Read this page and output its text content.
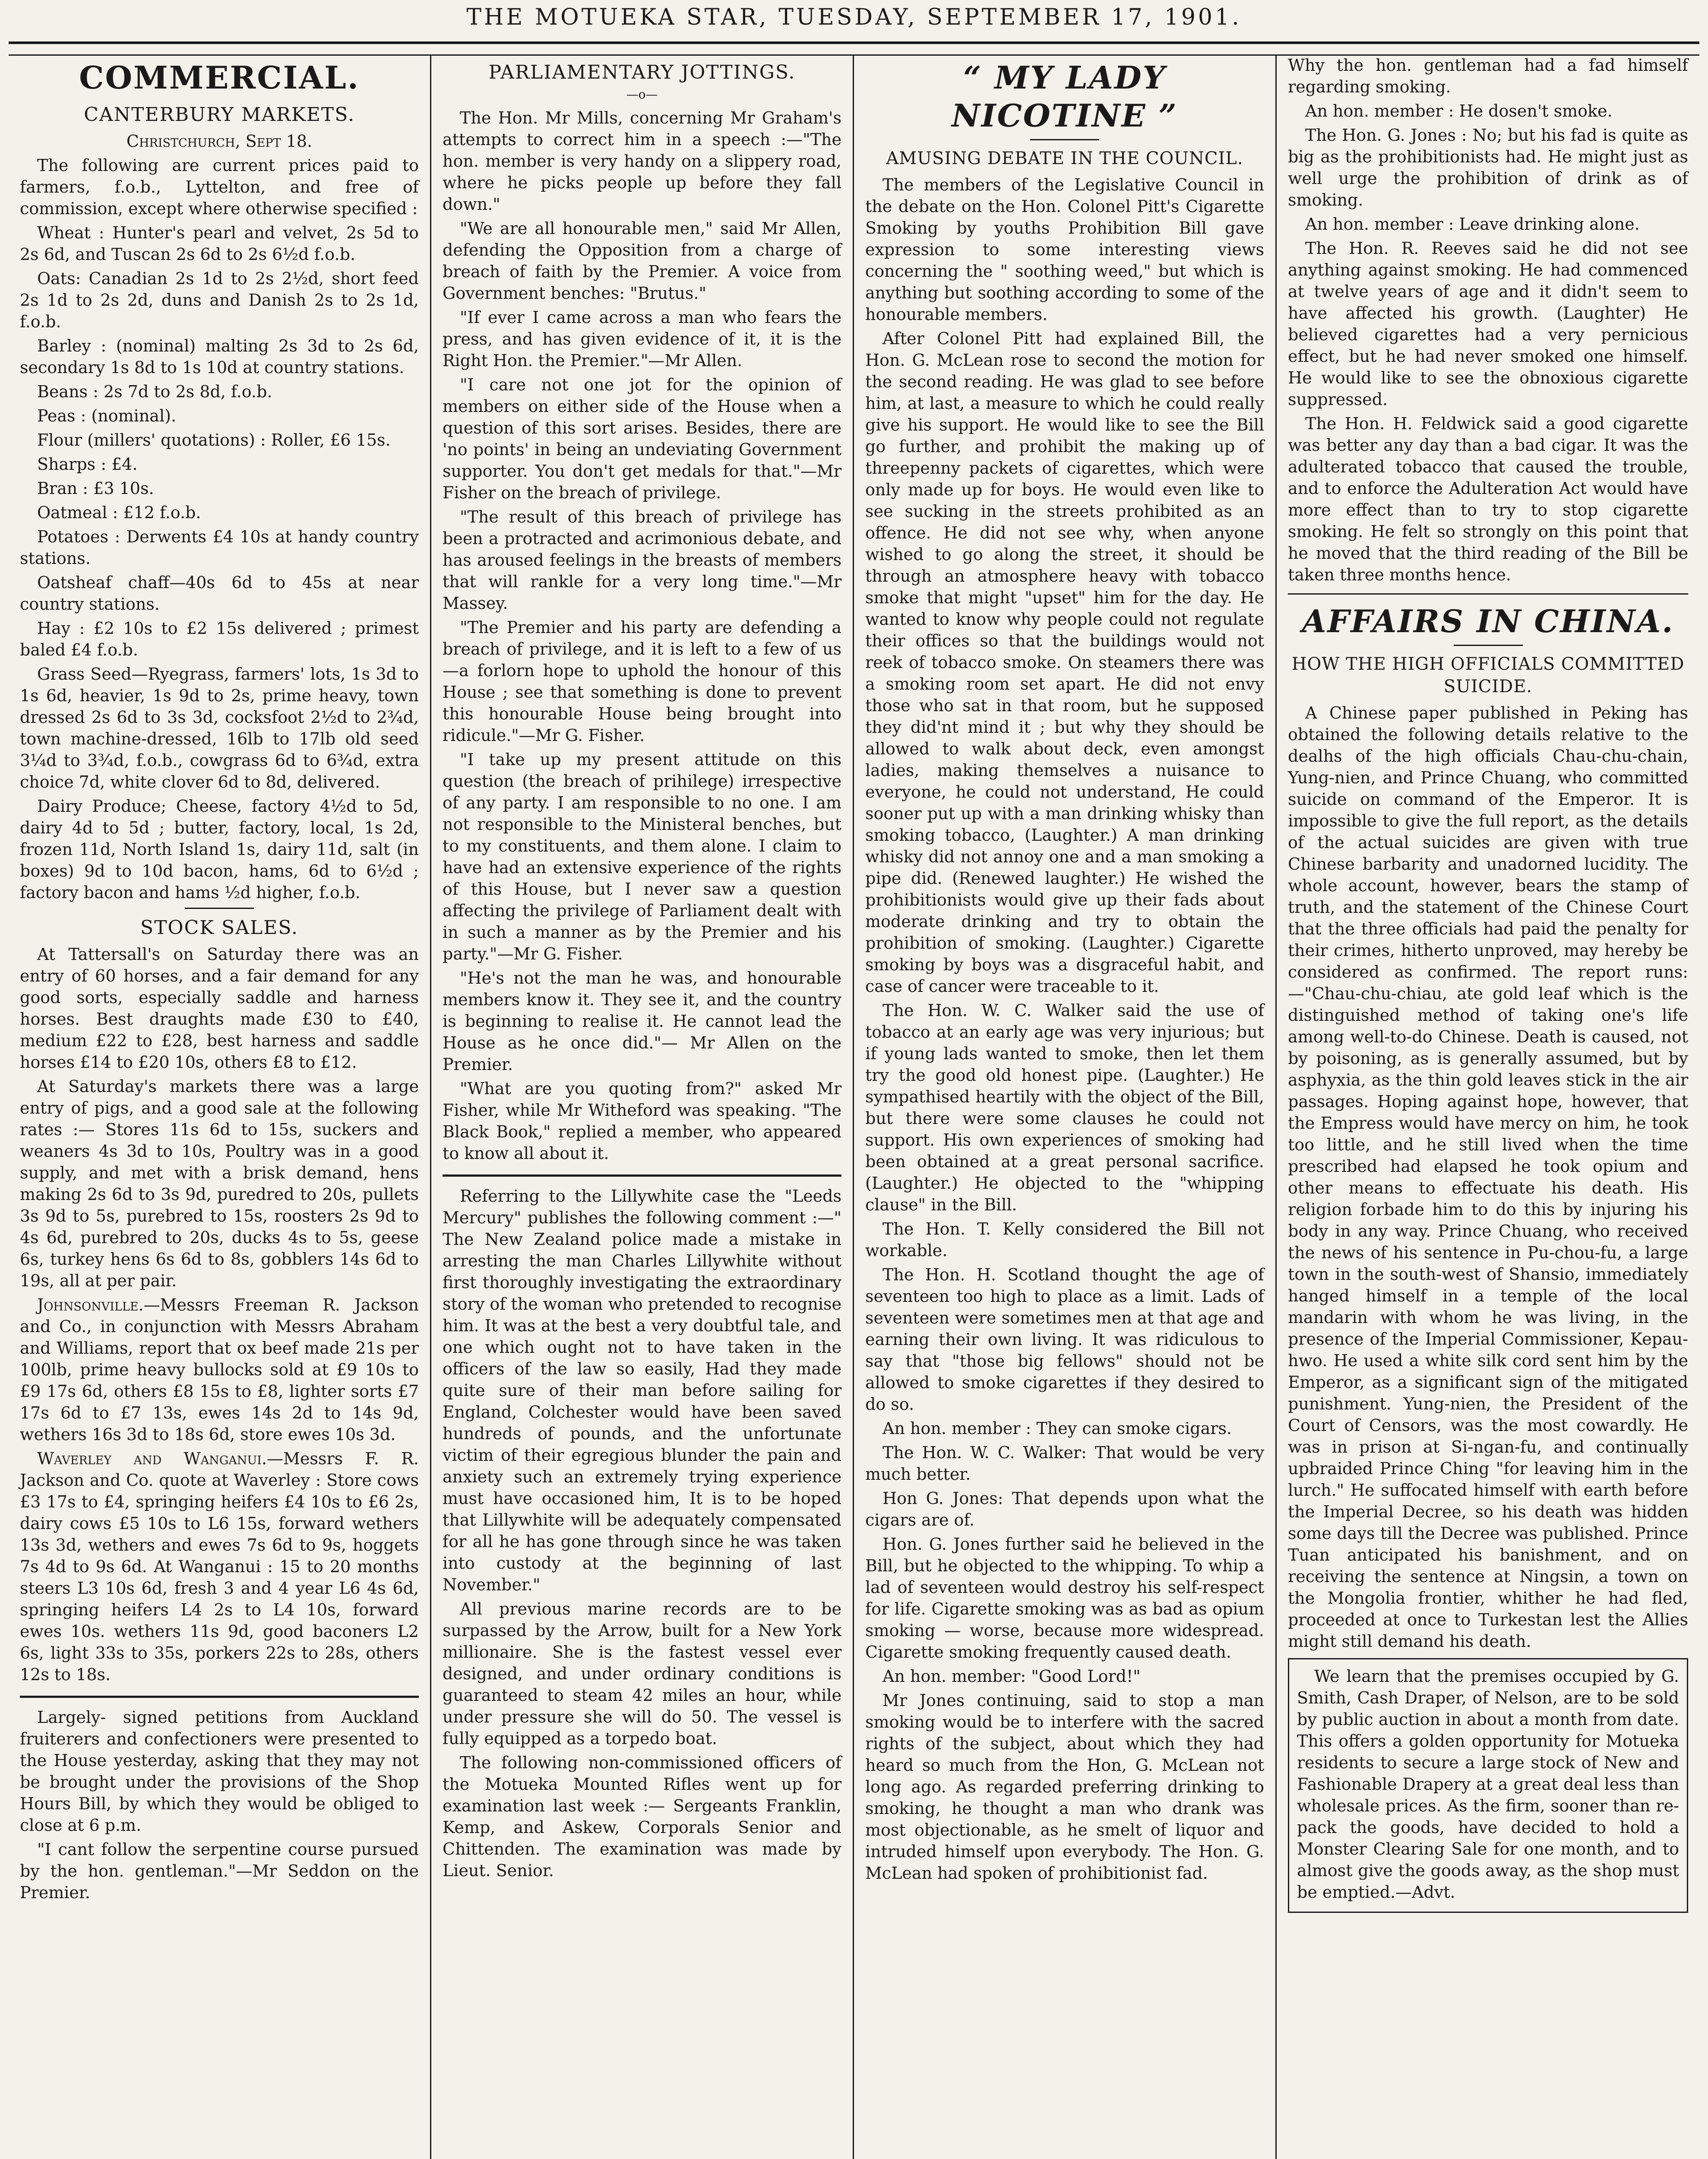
THE MOTUEKA STAR, TUESDAY, SEPTEMBER 17, 1901.
COMMERCIAL.
CANTERBURY MARKETS.
Christchurch, Sept 18.

The following are current prices paid to farmers, f.o.b., Lyttelton, and free of commission, except where otherwise specified :

Wheat : Hunter's pearl and velvet, 2s 5d to 2s 6d, and Tuscan 2s 6d to 2s 6½d f.o.b.

Oats: Canadian 2s 1d to 2s 2½d, short feed 2s 1d to 2s 2d, duns and Danish 2s to 2s 1d, f.o.b.

Barley : (nominal) malting 2s 3d to 2s 6d, secondary 1s 8d to 1s 10d at country stations.

Beans : 2s 7d to 2s 8d, f.o.b.

Peas : (nominal).

Flour (millers' quotations) : Roller, £6 15s.

Sharps : £4.

Bran : £3 10s.

Oatmeal : £12 f.o.b.

Potatoes : Derwents £4 10s at handy country stations.

Oatsheaf chaff—40s 6d to 45s at near country stations.

Hay : £2 10s to £2 15s delivered ; primest baled £4 f.o.b.

Grass Seed—Ryegrass, farmers' lots, 1s 3d to 1s 6d, heavier, 1s 9d to 2s, prime heavy, town dressed 2s 6d to 3s 3d, cocksfoot 2½d to 2¾d, town machine-dressed, 16lb to 17lb old seed 3¼d to 3¾d, f.o.b., cowgrass 6d to 6¾d, extra choice 7d, white clover 6d to 8d, delivered.

Dairy Produce; Cheese, factory 4½d to 5d, dairy 4d to 5d ; butter, factory, local, 1s 2d, frozen 11d, North Island 1s, dairy 11d, salt (in boxes) 9d to 10d bacon, hams, 6d to 6½d ; factory bacon and hams ½d higher, f.o.b.

STOCK SALES.

At Tattersall's on Saturday there was an entry of 60 horses, and a fair demand for any good sorts, especially saddle and harness horses. Best draughts made £30 to £40, medium £22 to £28, best harness and saddle horses £14 to £20 10s, others £8 to £12.

At Saturday's markets there was a large entry of pigs, and a good sale at the following rates :— Stores 11s 6d to 15s, suckers and weaners 4s 3d to 10s, Poultry was in a good supply, and met with a brisk demand, hens making 2s 6d to 3s 9d, puredred to 20s, pullets 3s 9d to 5s, purebred to 15s, roosters 2s 9d to 4s 6d, purebred to 20s, ducks 4s to 5s, geese 6s, turkey hens 6s 6d to 8s, gobblers 14s 6d to 19s, all at per pair.

Johnsonville.—Messrs Freeman R. Jackson and Co., in conjunction with Messrs Abraham and Williams, report that ox beef made 21s per 100lb, prime heavy bullocks sold at £9 10s to £9 17s 6d, others £8 15s to £8, lighter sorts £7 17s 6d to £7 13s, ewes 14s 2d to 14s 9d, wethers 16s 3d to 18s 6d, store ewes 10s 3d.

Waverley and Wanganui.—Messrs F. R. Jackson and Co. quote at Waverley : Store cows £3 17s to £4, springing heifers £4 10s to £6 2s, dairy cows £5 10s to L6 15s, forward wethers 13s 3d, wethers and ewes 7s 6d to 9s, hoggets 7s 4d to 9s 6d. At Wanganui : 15 to 20 months steers L3 10s 6d, fresh 3 and 4 year L6 4s 6d, springing heifers L4 2s to L4 10s, forward ewes 10s. wethers 11s 9d, good baconers L2 6s, light 33s to 35s, porkers 22s to 28s, others 12s to 18s.

Largely- signed petitions from Auckland fruiterers and confectioners were presented to the House yesterday, asking that they may not be brought under the provisions of the Shop Hours Bill, by which they would be obliged to close at 6 p.m.

"I cant follow the serpentine course pursued by the hon. gentleman."—Mr Seddon on the Premier.

PARLIAMENTARY JOTTINGS.
—o—

The Hon. Mr Mills, concerning Mr Graham's attempts to correct him in a speech :—"The hon. member is very handy on a slippery road, where he picks people up before they fall down."

"We are all honourable men," said Mr Allen, defending the Opposition from a charge of breach of faith by the Premier. A voice from Government benches: "Brutus."

"If ever I came across a man who fears the press, and has given evidence of it, it is the Right Hon. the Premier."—Mr Allen.

"I care not one jot for the opinion of members on either side of the House when a question of this sort arises. Besides, there are 'no points' in being an undeviating Government supporter. You don't get medals for that."—Mr Fisher on the breach of privilege.

"The result of this breach of privilege has been a protracted and acrimonious debate, and has aroused feelings in the breasts of members that will rankle for a very long time."—Mr Massey.

"The Premier and his party are defending a breach of privilege, and it is left to a few of us—a forlorn hope to uphold the honour of this House ; see that something is done to prevent this honourable House being brought into ridicule."—Mr G. Fisher.

"I take up my present attitude on this question (the breach of prihilege) irrespective of any party. I am responsible to no one. I am not responsible to the Ministeral benches, but to my constituents, and them alone. I claim to have had an extensive experience of the rights of this House, but I never saw a question affecting the privilege of Parliament dealt with in such a manner as by the Premier and his party."—Mr G. Fisher.

"He's not the man he was, and honourable members know it. They see it, and the country is beginning to realise it. He cannot lead the House as he once did."— Mr Allen on the Premier.

"What are you quoting from?" asked Mr Fisher, while Mr Witheford was speaking. "The Black Book," replied a member, who appeared to know all about it.

Referring to the Lillywhite case the "Leeds Mercury" publishes the following comment :—" The New Zealand police made a mistake in arresting the man Charles Lillywhite without first thoroughly investigating the extraordinary story of the woman who pretended to recognise him. It was at the best a very doubtful tale, and one which ought not to have taken in the officers of the law so easily, Had they made quite sure of their man before sailing for England, Colchester would have been saved hundreds of pounds, and the unfortunate victim of their egregious blunder the pain and anxiety such an extremely trying experience must have occasioned him, It is to be hoped that Lillywhite will be adequately compensated for all he has gone through since he was taken into custody at the beginning of last November."

All previous marine records are to be surpassed by the Arrow, built for a New York millionaire. She is the fastest vessel ever designed, and under ordinary conditions is guaranteed to steam 42 miles an hour, while under pressure she will do 50. The vessel is fully equipped as a torpedo boat.

The following non-commissioned officers of the Motueka Mounted Rifles went up for examination last week :— Sergeants Franklin, Kemp, and Askew, Corporals Senior and Chittenden. The examination was made by Lieut. Senior.

“ MY LADY NICOTINE ”
AMUSING DEBATE IN THE COUNCIL.

The members of the Legislative Council in the debate on the Hon. Colonel Pitt's Cigarette Smoking by youths Prohibition Bill gave expression to some interesting views concerning the " soothing weed," but which is anything but soothing according to some of the honourable members.

After Colonel Pitt had explained Bill, the Hon. G. McLean rose to second the motion for the second reading. He was glad to see before him, at last, a measure to which he could really give his support. He would like to see the Bill go further, and prohibit the making up of threepenny packets of cigarettes, which were only made up for boys. He would even like to see sucking in the streets prohibited as an offence. He did not see why, when anyone wished to go along the street, it should be through an atmosphere heavy with tobacco smoke that might "upset" him for the day. He wanted to know why people could not regulate their offices so that the buildings would not reek of tobacco smoke. On steamers there was a smoking room set apart. He did not envy those who sat in that room, but he supposed they did'nt mind it ; but why they should be allowed to walk about deck, even amongst ladies, making themselves a nuisance to everyone, he could not understand, He could sooner put up with a man drinking whisky than smoking tobacco, (Laughter.) A man drinking whisky did not annoy one and a man smoking a pipe did. (Renewed laughter.) He wished the prohibitionists would give up their fads about moderate drinking and try to obtain the prohibition of smoking. (Laughter.) Cigarette smoking by boys was a disgraceful habit, and case of cancer were traceable to it.

The Hon. W. C. Walker said the use of tobacco at an early age was very injurious; but if young lads wanted to smoke, then let them try the good old honest pipe. (Laughter.) He sympathised heartily with the object of the Bill, but there were some clauses he could not support. His own experiences of smoking had been obtained at a great personal sacrifice. (Laughter.) He objected to the "whipping clause" in the Bill.

The Hon. T. Kelly considered the Bill not workable.

The Hon. H. Scotland thought the age of seventeen too high to place as a limit. Lads of seventeen were sometimes men at that age and earning their own living. It was ridiculous to say that "those big fellows" should not be allowed to smoke cigarettes if they desired to do so.

An hon. member : They can smoke cigars.

The Hon. W. C. Walker: That would be very much better.

Hon G. Jones: That depends upon what the cigars are of.

Hon. G. Jones further said he believed in the Bill, but he objected to the whipping. To whip a lad of seventeen would destroy his self-respect for life. Cigarette smoking was as bad as opium smoking — worse, because more widespread. Cigarette smoking frequently caused death.

An hon. member: "Good Lord!"

Mr Jones continuing, said to stop a man smoking would be to interfere with the sacred rights of the subject, about which they had heard so much from the Hon, G. McLean not long ago. As regarded preferring drinking to smoking, he thought a man who drank was most objectionable, as he smelt of liquor and intruded himself upon everybody. The Hon. G. McLean had spoken of prohibitionist fad.

Why the hon. gentleman had a fad himself regarding smoking.

An hon. member : He dosen't smoke.

The Hon. G. Jones : No; but his fad is quite as big as the prohibitionists had. He might just as well urge the prohibition of drink as of smoking.

An hon. member : Leave drinking alone.

The Hon. R. Reeves said he did not see anything against smoking. He had commenced at twelve years of age and it didn't seem to have affected his growth. (Laughter) He believed cigarettes had a very pernicious effect, but he had never smoked one himself. He would like to see the obnoxious cigarette suppressed.

The Hon. H. Feldwick said a good cigarette was better any day than a bad cigar. It was the adulterated tobacco that caused the trouble, and to enforce the Adulteration Act would have more effect than to try to stop cigarette smoking. He felt so strongly on this point that he moved that the third reading of the Bill be taken three months hence.

AFFAIRS IN CHINA.
HOW THE HIGH OFFICIALS COMMITTED SUICIDE.

A Chinese paper published in Peking has obtained the following details relative to the dealhs of the high officials Chau-chu-chain, Yung-nien, and Prince Chuang, who committed suicide on command of the Emperor. It is impossible to give the full report, as the details of the actual suicides are given with true Chinese barbarity and unadorned lucidity. The whole account, however, bears the stamp of truth, and the statement of the Chinese Court that the three officials had paid the penalty for their crimes, hitherto unproved, may hereby be considered as confirmed. The report runs:—"Chau-chu-chiau, ate gold leaf which is the distinguished method of taking one's life among well-to-do Chinese. Death is caused, not by poisoning, as is generally assumed, but by asphyxia, as the thin gold leaves stick in the air passages. Hoping against hope, however, that the Empress would have mercy on him, he took too little, and he still lived when the time prescribed had elapsed he took opium and other means to effectuate his death. His religion forbade him to do this by injuring his body in any way. Prince Chuang, who received the news of his sentence in Pu-chou-fu, a large town in the south-west of Shansio, immediately hanged himself in a temple of the local mandarin with whom he was living, in the presence of the Imperial Commissioner, Kepau-hwo. He used a white silk cord sent him by the Emperor, as a significant sign of the mitigated punishment. Yung-nien, the President of the Court of Censors, was the most cowardly. He was in prison at Si-ngan-fu, and continually upbraided Prince Ching "for leaving him in the lurch." He suffocated himself with earth before the Imperial Decree, so his death was hidden some days till the Decree was published. Prince Tuan anticipated his banishment, and on receiving the sentence at Ningsin, a town on the Mongolia frontier, whither he had fled, proceeded at once to Turkestan lest the Allies might still demand his death.

We learn that the premises occupied by G. Smith, Cash Draper, of Nelson, are to be sold by public auction in about a month from date. This offers a golden opportunity for Motueka residents to secure a large stock of New and Fashionable Drapery at a great deal less than wholesale prices. As the firm, sooner than re-pack the goods, have decided to hold a Monster Clearing Sale for one month, and to almost give the goods away, as the shop must be emptied.—Advt.
